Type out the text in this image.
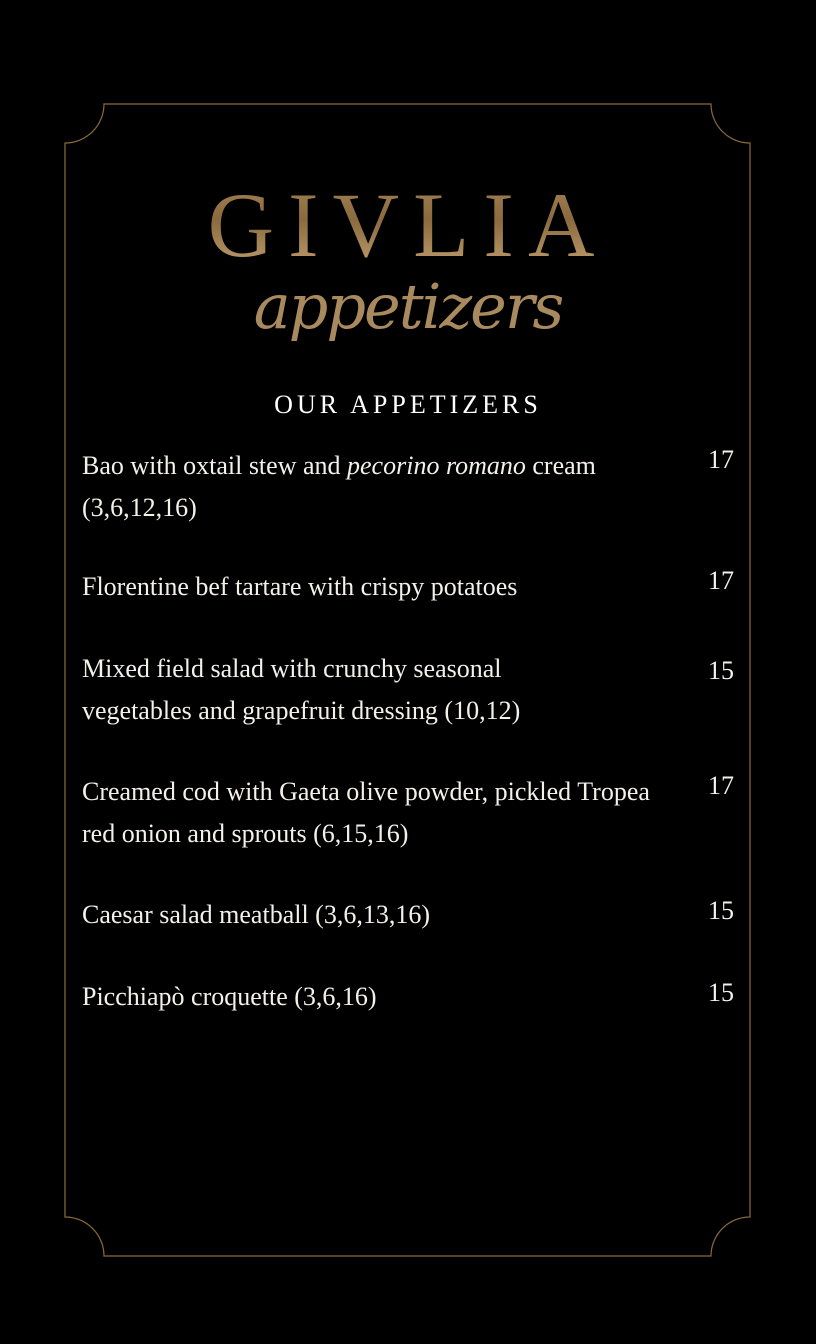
GIVLIA
appetizers
OUR APPETIZERS
Bao with oxtail stew and pecorino romano cream (3,6,12,16)
17
Florentine bef tartare with crispy potatoes	17
Mixed field salad with crunchy seasonal vegetables and grapefruit dressing (10,12)
15
Creamed cod with Gaeta olive powder, pickled Tropea red onion and sprouts (6,15,16)
17
Caesar salad meatball (3,6,13,16)	15
Picchiapò croquette (3,6,16)	15
